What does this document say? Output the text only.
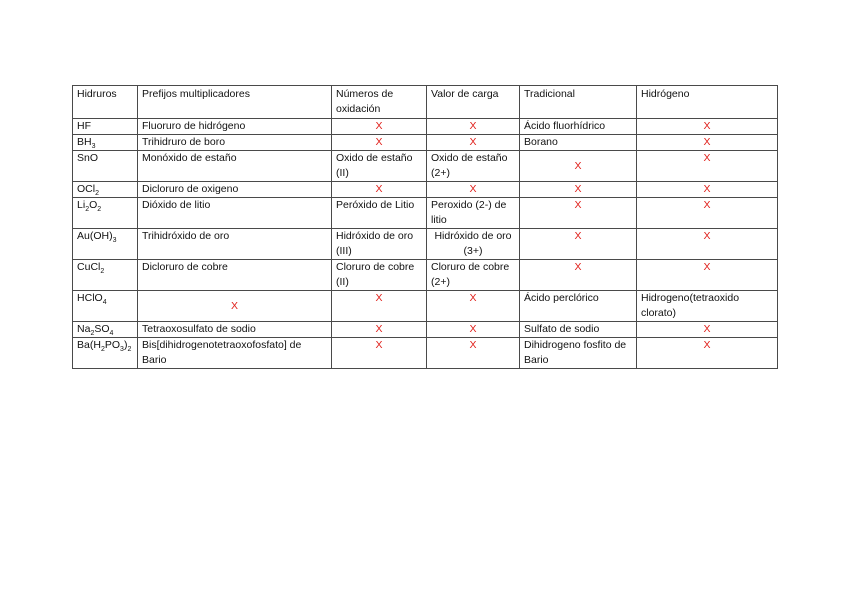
Hidruros	Prefijos multiplicadores	Números de oxidación	Valor de carga	Tradicional	Hidrógeno
HF	Fluoruro de hidrógeno	X	X	Ácido fluorhídrico	X
$BH_3$	Trihidruro de boro	X	X	Borano	X
SnO	Monóxido de estaño	Oxido de estaño (II)	Oxido de estaño (2+)	X	X
OCl$_2$	Dicloruro de oxigeno	X	X	X	X
$Li_2O_2$	Dióxido de litio	Peróxido de Litio	Peroxido (2-) de litio	X	X
$Au(OH)_3$	Trihidróxido de oro	Hidróxido de oro (III)	Hidróxido de oro (3+)	X	X
CuCl$_2$	Dicloruro de cobre	Cloruro de cobre (II)	Cloruro de cobre (2+)	X	X
HClO$_4$	X	X	X	Ácido perclórico	Hidrogeno(tetraoxido clorato)
$Na_2SO_4$	Tetraoxosulfato de sodio	X	X	Sulfato de sodio	X
$Ba(H_2PO_3)_2$	Bis[dihidrogenotetraoxofosfato] de Bario	X	X	Dihidrogeno fosfito de Bario	X
